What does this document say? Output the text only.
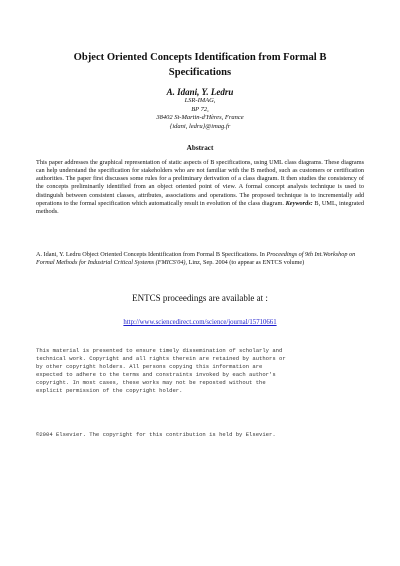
Object Oriented Concepts Identification from Formal B
Specifications
A. Idani, Y. Ledru
LSR-IMAG,
BP 72,
38402 St-Martin-d'Hères, France
{idani, ledru}@imag.fr
Abstract
This paper addresses the graphical representation of static aspects of B specifications, using UML class diagrams. These diagrams can help understand the specification for stakeholders who are not familiar with the B method, such as customers or certification authorities. The paper first discusses some rules for a preliminary derivation of a class diagram. It then studies the consistency of the concepts preliminarily identified from an object oriented point of view. A formal concept analysis technique is used to distinguish between consistent classes, attributes, associations and operations. The proposed technique is to incrementally add operations to the formal specification which automatically result in evolution of the class diagram. Keywords: B, UML, integrated methods.
A. Idani, Y. Ledru Object Oriented Concepts Identification from Formal B Specifications. In Proceedings of 9th Int.Workshop on Formal Methods for Industrial Critical Systems (FMICS'04), Linz, Sep. 2004 (to appear as ENTCS volume)
ENTCS proceedings are available at :
http://www.sciencedirect.com/science/journal/15710661
This material is presented to ensure timely dissemination of scholarly and
technical work. Copyright and all rights therein are retained by authors or
by other copyright holders. All persons copying this information are
expected to adhere to the terms and constraints invoked by each author's
copyright. In most cases, these works may not be reposted without the
explicit permission of the copyright holder.
©2004 Elsevier. The copyright for this contribution is held by Elsevier.
